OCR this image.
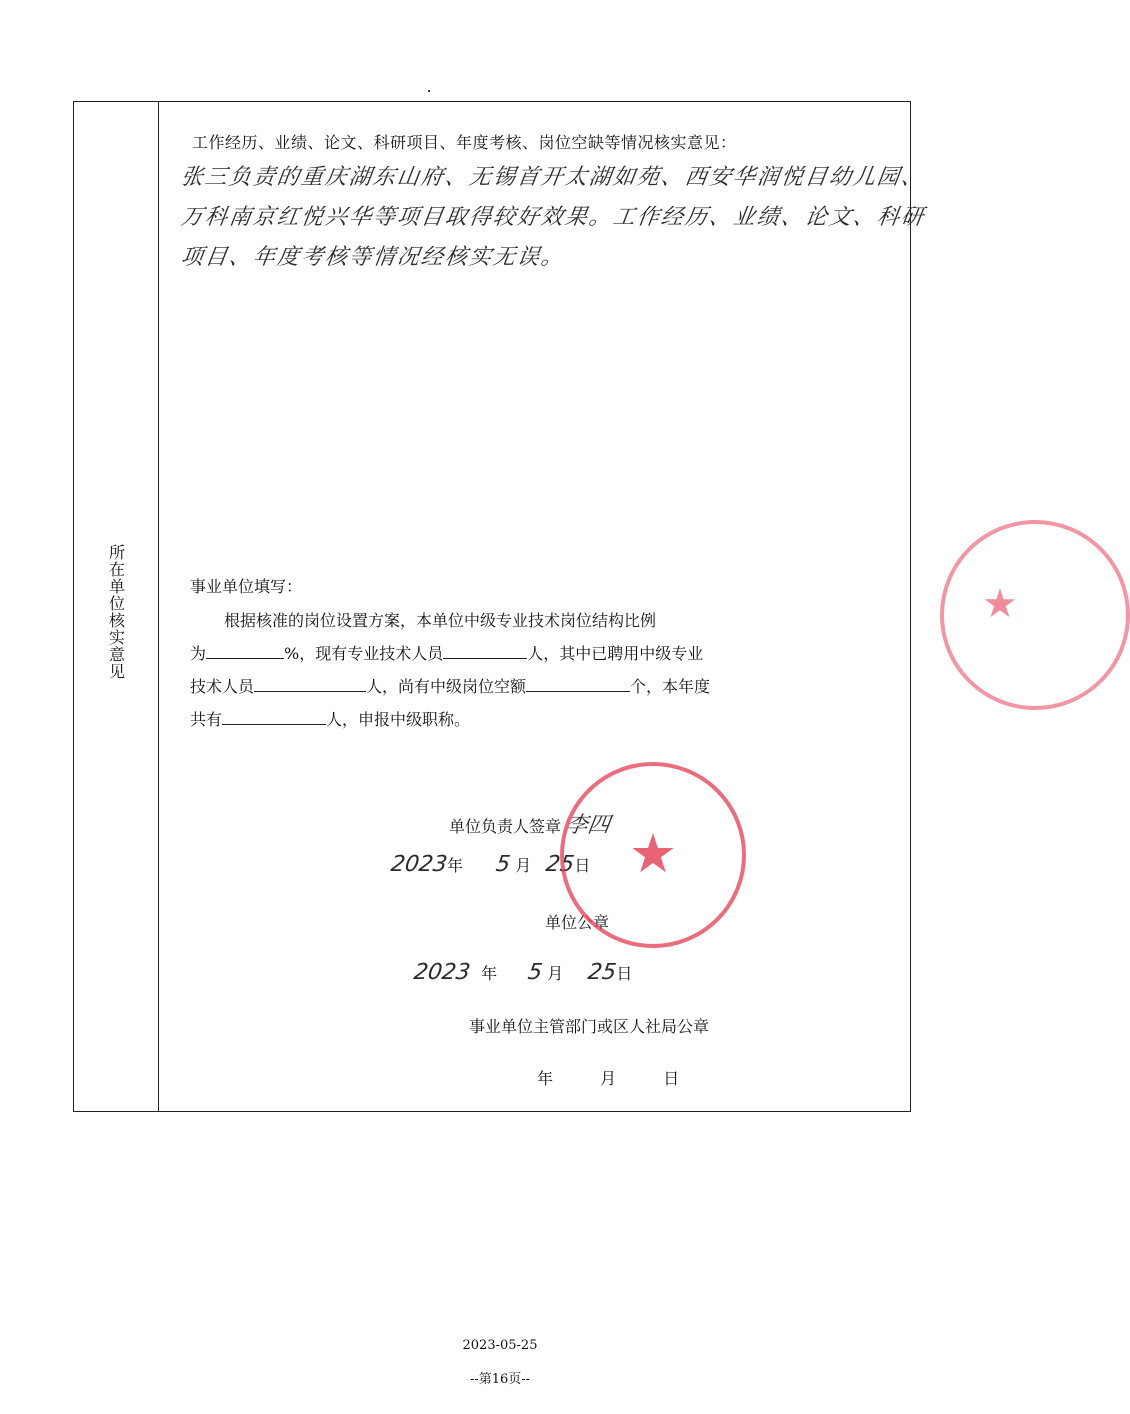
所在单位核实意见
工作经历、业绩、论文、科研项目、年度考核、岗位空缺等情况核实意见：
张三负责的重庆湖东山府、无锡首开太湖如苑、西安华润悦目幼儿园、
万科南京红悦兴华等项目取得较好效果。工作经历、业绩、论文、科研
项目、年度考核等情况经核实无误。
事业单位填写：
根据核准的岗位设置方案，本单位中级专业技术岗位结构比例
为	%，现有专业技术人员	人，其中已聘用中级专业
技术人员	人，尚有中级岗位空额	个，本年度
共有	人，申报中级职称。
单位负责人签章 李四
2023年 5 月 25日
单位公章
2023 年 5 月 25日
事业单位主管部门或区人社局公章
年	月	日
★
★
2023-05-25
--第16页--
